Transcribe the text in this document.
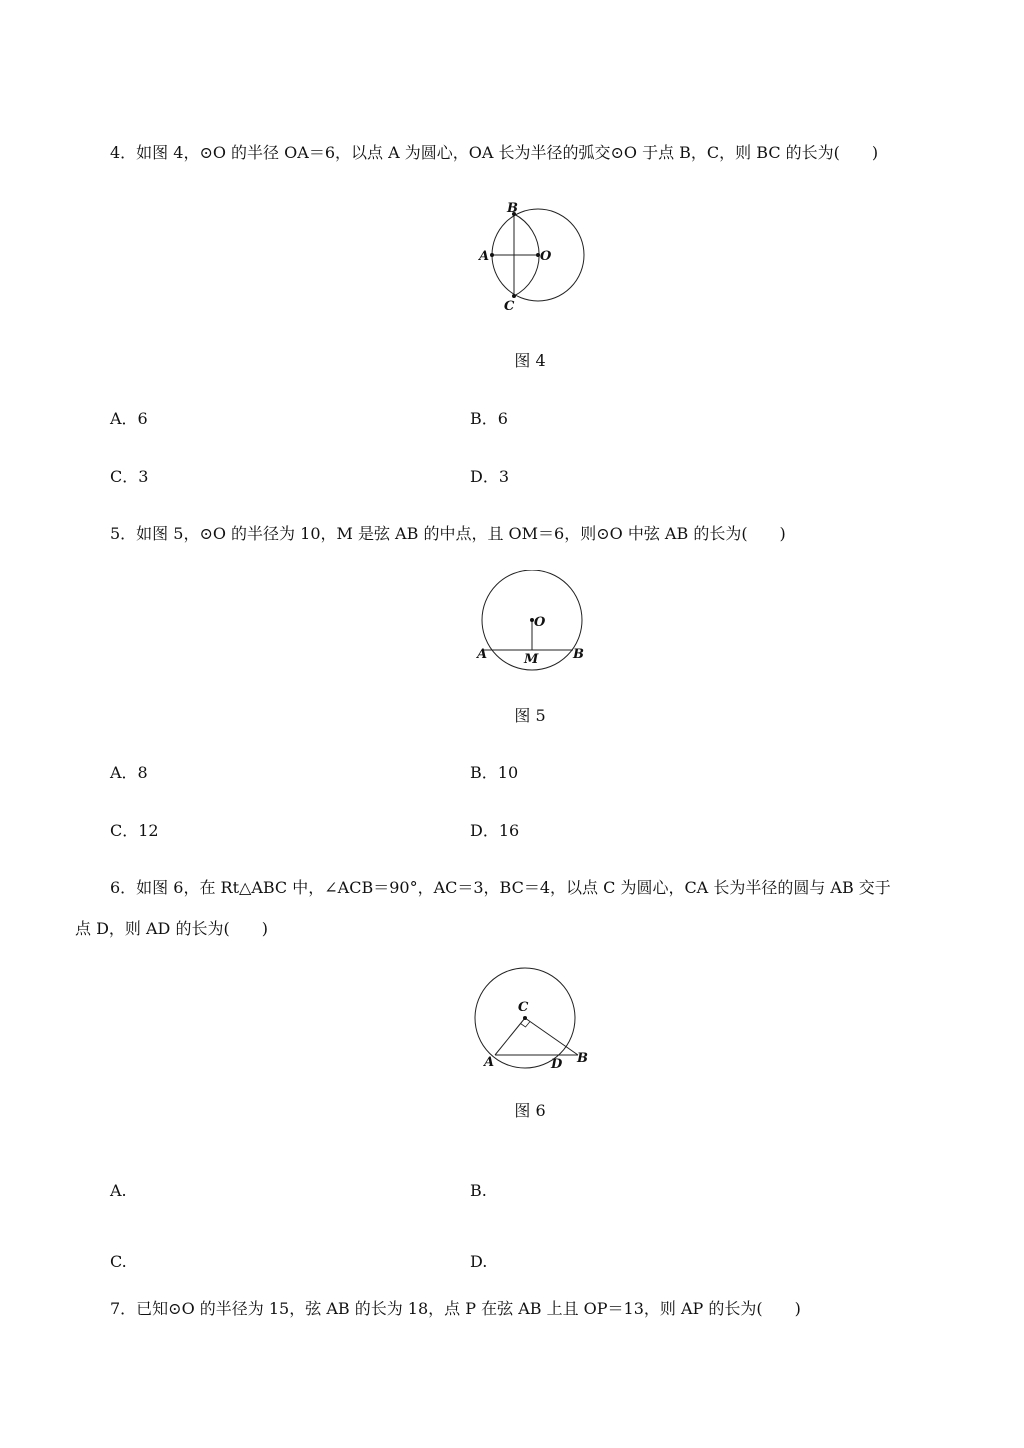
4．如图 4，⊙O 的半径 OA＝6，以点 A 为圆心，OA 长为半径的弧交⊙O 于点 B，C，则 BC 的长为(　　)
B
A	O
C
图 4
A．6	B．6
C．3	D．3
5．如图 5，⊙O 的半径为 10，M 是弦 AB 的中点，且 OM＝6，则⊙O 中弦 AB 的长为(　　)
O
A	M	B
图 5
A．8	B．10
C．12	D．16
6．如图 6，在 Rt△ABC 中，∠ACB＝90°，AC＝3，BC＝4，以点 C 为圆心，CA 长为半径的圆与 AB 交于
点 D，则 AD 的长为(　　)
C
A	D B
图 6
A.	B.
C.	D.
7．已知⊙O 的半径为 15，弦 AB 的长为 18，点 P 在弦 AB 上且 OP＝13，则 AP 的长为(　　)
